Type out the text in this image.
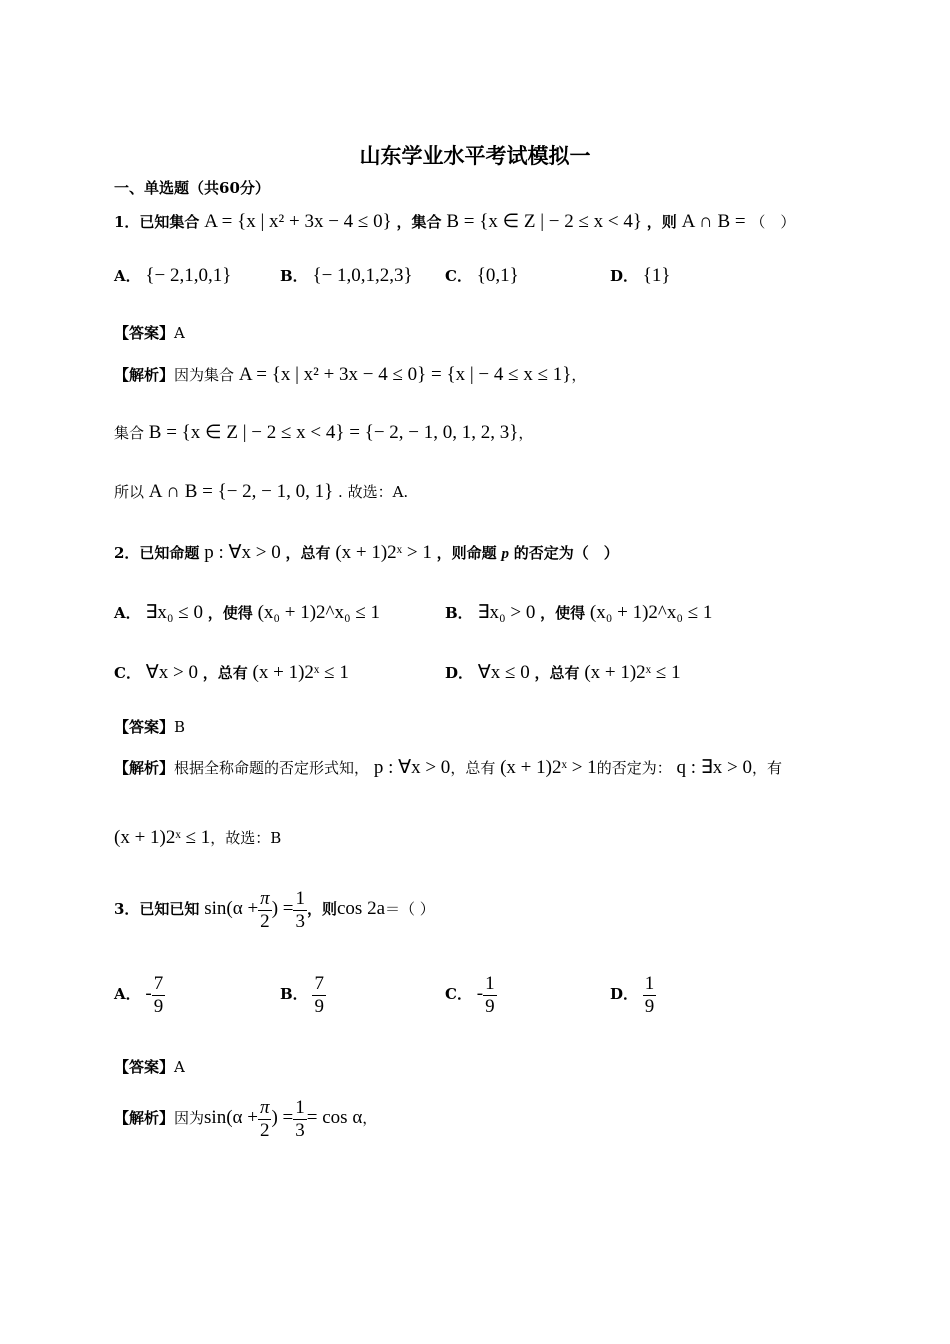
山东学业水平考试模拟一
一、单选题（共60分）
1．已知集合 A = {x | x² + 3x − 4 ≤ 0} ，集合 B = {x ∈ Z | − 2 ≤ x < 4} ，则 A ∩ B = （　）
A． {− 2,1,0,1}	B． {− 1,0,1,2,3} C． {0,1}	D． {1}
【答案】A
【解析】因为集合 A = {x | x² + 3x − 4 ≤ 0} = {x | − 4 ≤ x ≤ 1}，
集合 B = {x ∈ Z | − 2 ≤ x < 4} = {− 2, − 1, 0, 1, 2, 3}，
所以 A ∩ B = {− 2, − 1, 0, 1} . 故选：A.
2．已知命题 p : ∀x > 0 ，总有 (x + 1)2ˣ > 1 ，则命题 p 的否定为（　）
A． ∃x₀ ≤ 0 ，使得 (x₀ + 1)2^x₀ ≤ 1	B． ∃x₀ > 0 ，使得 (x₀ + 1)2^x₀ ≤ 1
C． ∀x > 0 ，总有 (x + 1)2ˣ ≤ 1	D． ∀x ≤ 0 ，总有 (x + 1)2ˣ ≤ 1
【答案】B
【解析】根据全称命题的否定形式知， p : ∀x > 0，总有 (x + 1)2ˣ > 1的否定为： q : ∃x > 0，有
(x + 1)2ˣ ≤ 1，故选：B
3．已知已知 $\sin(\alpha + \frac{\pi}{2}$ ) = $\frac{1}{3}$ ，则cos 2a＝（ ）
A． - $\frac{7}{9}$	B． $\frac{7}{9}$	C． - $\frac{1}{9}$	D． $\frac{1}{9}$
【答案】A
【解析】因为$\sin(\alpha + \frac{\pi}{2}$ ) = $\frac{1}{3} = \cos \alpha$，
